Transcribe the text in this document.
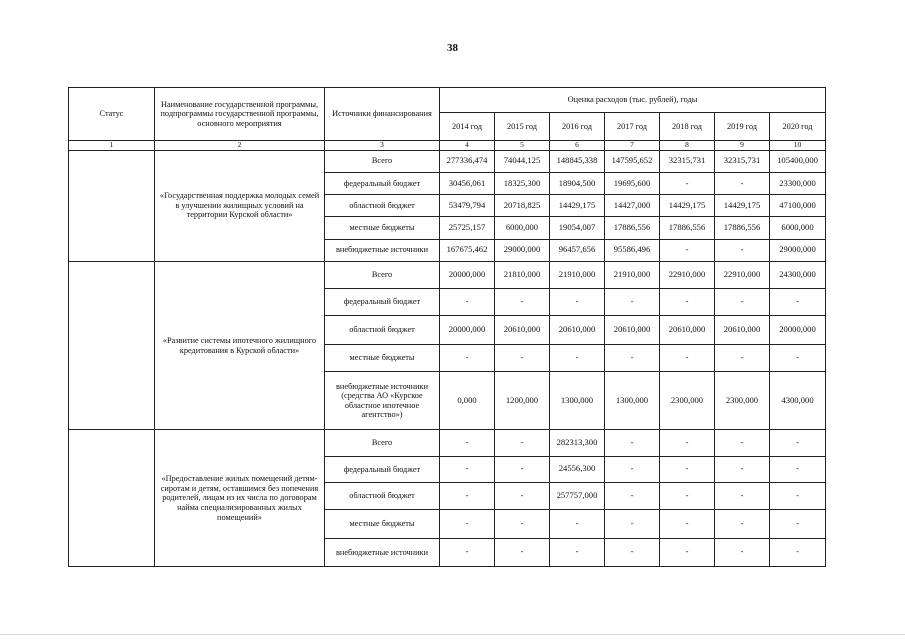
38
Статус	Наименование государственной программы, подпрограммы государственной программы, основного мероприятия	Источники финансирования	Оценка расходов (тыс. рублей), годы						
			2014 год	2015 год	2016 год	2017 год	2018 год	2019 год	2020 год
1	2	3	4	5	6	7	8	9	10
	«Государственная поддержка молодых семей в улучшении жилищных условий на территории Курской области»	Всего	277336,474	74044,125	148845,338	147595,652	32315,731	32315,731	105400,000
		федеральный бюджет	30456,061	18325,300	18904,500	19695,600	-	-	23300,000
		областной бюджет	53479,794	20718,825	14429,175	14427,000	14429,175	14429,175	47100,000
		местные бюджеты	25725,157	6000,000	19054,007	17886,556	17886,556	17886,556	6000,000
		внебюджетные источники	167675,462	29000,000	96457,656	95586,496	-	-	29000,000
	«Развитие системы ипотечного жилищного кредитования в Курской области»	Всего	20000,000	21810,000	21910,000	21910,000	22910,000	22910,000	24300,000
		федеральный бюджет	-	-	-	-	-	-	-
		областной бюджет	20000,000	20610,000	20610,000	20610,000	20610,000	20610,000	20000,000
		местные бюджеты	-	-	-	-	-	-	-
		внебюджетные источники (средства АО «Курское областное ипотечное агентство»)	0,000	1200,000	1300,000	1300,000	2300,000	2300,000	4300,000
	«Предоставление жилых помещений детям-сиротам и детям, оставшимся без попечения родителей, лицам из их числа по договорам найма специализированных жилых помещений»	Всего	-	-	282313,300	-	-	-	-
		федеральный бюджет	-	-	24556,300	-	-	-	-
		областной бюджет	-	-	257757,000	-	-	-	-
		местные бюджеты	-	-	-	-	-	-	-
		внебюджетные источники	-	-	-	-	-	-	-
